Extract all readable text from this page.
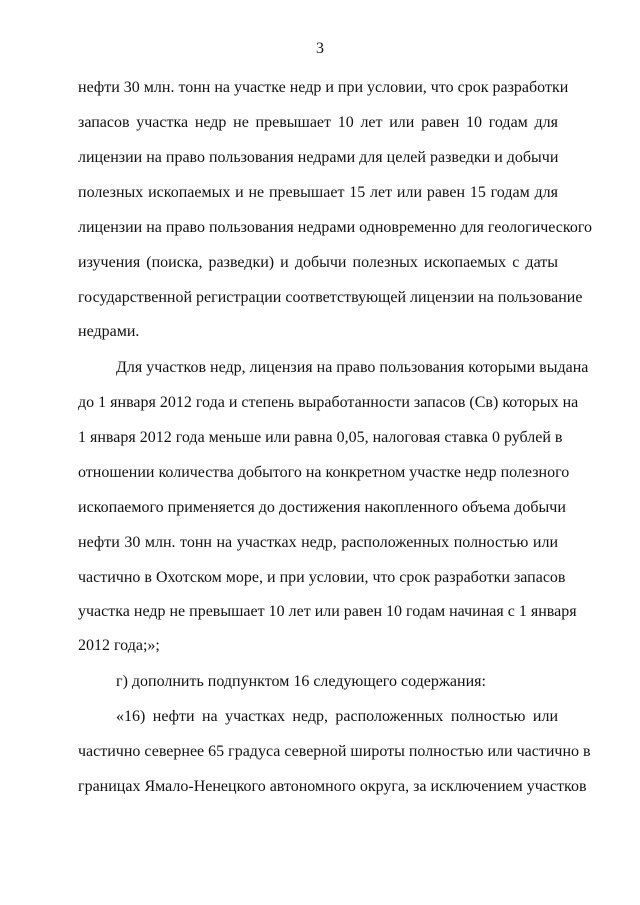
3
нефти 30 млн. тонн на участке недр и при условии, что срок разработки
запасов участка недр не превышает 10 лет или равен 10 годам для
лицензии на право пользования недрами для целей разведки и добычи
полезных ископаемых и не превышает 15 лет или равен 15 годам для
лицензии на право пользования недрами одновременно для геологического
изучения (поиска, разведки) и добычи полезных ископаемых с даты
государственной регистрации соответствующей лицензии на пользование
недрами.
Для участков недр, лицензия на право пользования которыми выдана
до 1 января 2012 года и степень выработанности запасов (Св) которых на
1 января 2012 года меньше или равна 0,05, налоговая ставка 0 рублей в
отношении количества добытого на конкретном участке недр полезного
ископаемого применяется до достижения накопленного объема добычи
нефти 30 млн. тонн на участках недр, расположенных полностью или
частично в Охотском море, и при условии, что срок разработки запасов
участка недр не превышает 10 лет или равен 10 годам начиная с 1 января
2012 года;»;
г) дополнить подпунктом 16 следующего содержания:
«16) нефти на участках недр, расположенных полностью или
частично севернее 65 градуса северной широты полностью или частично в
границах Ямало-Ненецкого автономного округа, за исключением участков
